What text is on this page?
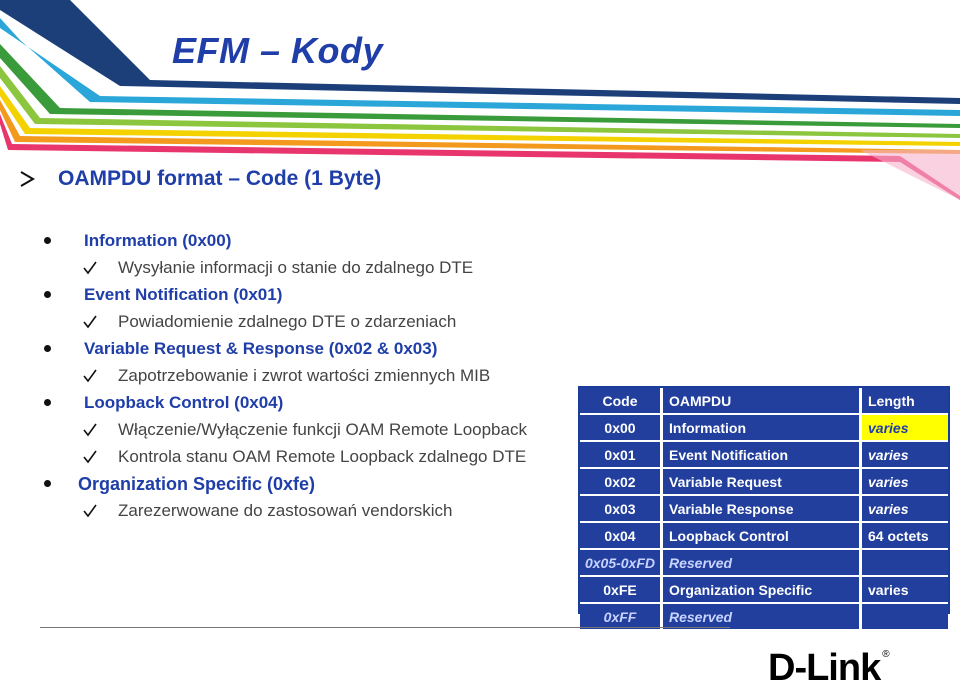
EFM – Kody
OAMPDU format – Code (1 Byte)
Information (0x00)
Wysyłanie informacji o stanie do zdalnego DTE
Event Notification (0x01)
Powiadomienie zdalnego DTE o zdarzeniach
Variable Request & Response (0x02 & 0x03)
Zapotrzebowanie i zwrot wartości zmiennych MIB
Loopback Control (0x04)
Włączenie/Wyłączenie funkcji OAM Remote Loopback
Kontrola stanu OAM Remote Loopback zdalnego DTE
Organization Specific (0xfe)
Zarezerwowane do zastosowań vendorskich
Code	OAMPDU	Length
0x00	Information	varies
0x01	Event Notification	varies
0x02	Variable Request	varies
0x03	Variable Response	varies
0x04	Loopback Control	64 octets
0x05-0xFD	Reserved	
0xFE	Organization Specific	varies
0xFF	Reserved	
D-Link ®
